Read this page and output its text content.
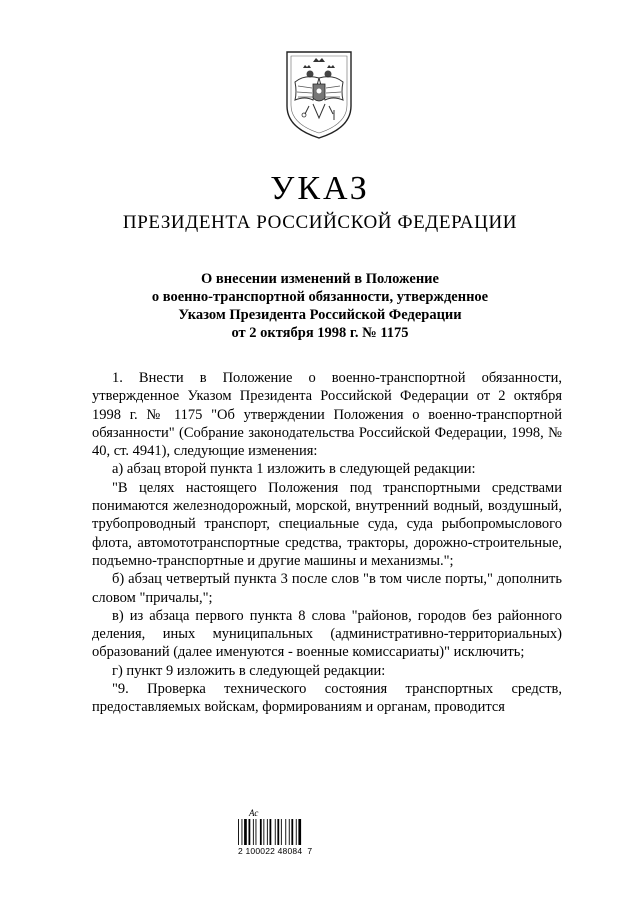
УКАЗ
ПРЕЗИДЕНТА РОССИЙСКОЙ ФЕДЕРАЦИИ
О внесении изменений в Положение
о военно-транспортной обязанности, утвержденное
Указом Президента Российской Федерации
от 2 октября 1998 г. № 1175

1. Внести в Положение о военно-транспортной обязанности, утвержденное Указом Президента Российской Федерации от 2 октября 1998 г. № 1175 "Об утверждении Положения о военно-транспортной обязанности" (Собрание законодательства Российской Федерации, 1998, № 40, ст. 4941), следующие изменения:

а) абзац второй пункта 1 изложить в следующей редакции:

"В целях настоящего Положения под транспортными средствами понимаются железнодорожный, морской, внутренний водный, воздушный, трубопроводный транспорт, специальные суда, суда рыбопромыслового флота, автомототранспортные средства, тракторы, дорожно-строительные, подъемно-транспортные и другие машины и механизмы.";

б) абзац четвертый пункта 3 после слов "в том числе порты," дополнить словом "причалы,";

в) из абзаца первого пункта 8 слова "районов, городов без районного деления, иных муниципальных (административно-территориальных) образований (далее именуются - военные комиссариаты)" исключить;

г) пункт 9 изложить в следующей редакции:

"9. Проверка технического состояния транспортных средств, предоставляемых войскам, формированиям и органам, проводится

Ас
2 100022 48084  7
